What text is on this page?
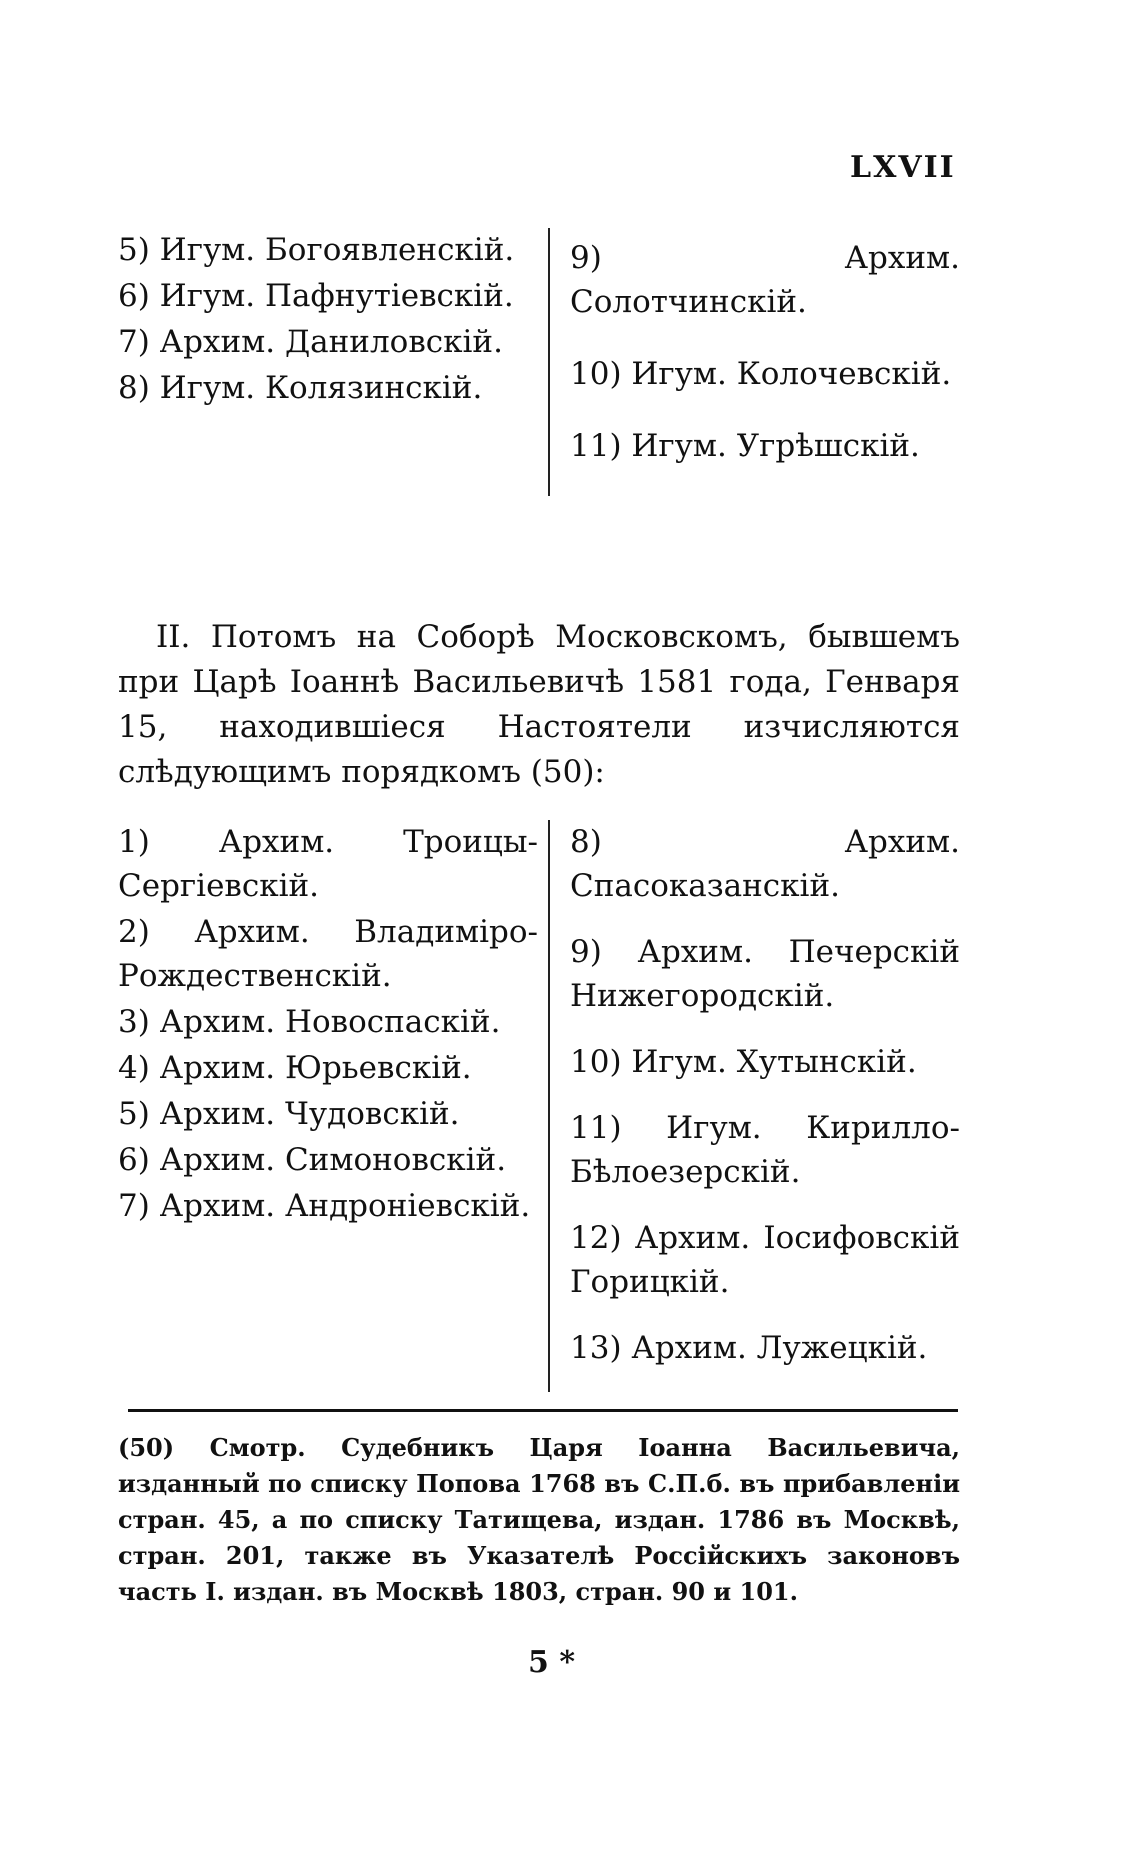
LXVII
5) Игум. Богоявленскій.
6) Игум. Пафнутіевскій.
7) Архим. Даниловскій.
8) Игум. Колязинскій.
9) Архим. Солотчинскій.
10) Игум. Колочевскій.
11) Игум. Угрѣшскій.
II. Потомъ на Соборѣ Московскомъ, бывшемъ при Царѣ Іоаннѣ Васильевичѣ 1581 года, Генваря 15, находившіеся Настоятели изчисляются слѣдующимъ порядкомъ (50):
1) Архим. Троицы-Сергіевскій.
2) Архим. Владиміро-Рождественскій.
3) Архим. Новоспаскій.
4) Архим. Юрьевскій.
5) Архим. Чудовскій.
6) Архим. Симоновскій.
7) Архим. Андроніевскій.
8) Архим. Спасоказанскій.
9) Архим. Печерскій Нижегородскій.
10) Игум. Хутынскій.
11) Игум. Кирилло-Бѣлоезерскій.
12) Архим. Іосифовскій Горицкій.
13) Архим. Лужецкій.
(50) Смотр. Судебникъ Царя Іоанна Васильевича, изданный по списку Попова 1768 въ С.П.б. въ прибавленіи стран. 45, а по списку Татищева, издан. 1786 въ Москвѣ, стран. 201, также въ Указателѣ Россійскихъ законовъ часть I. издан. въ Москвѣ 1803, стран. 90 и 101.
5 *
